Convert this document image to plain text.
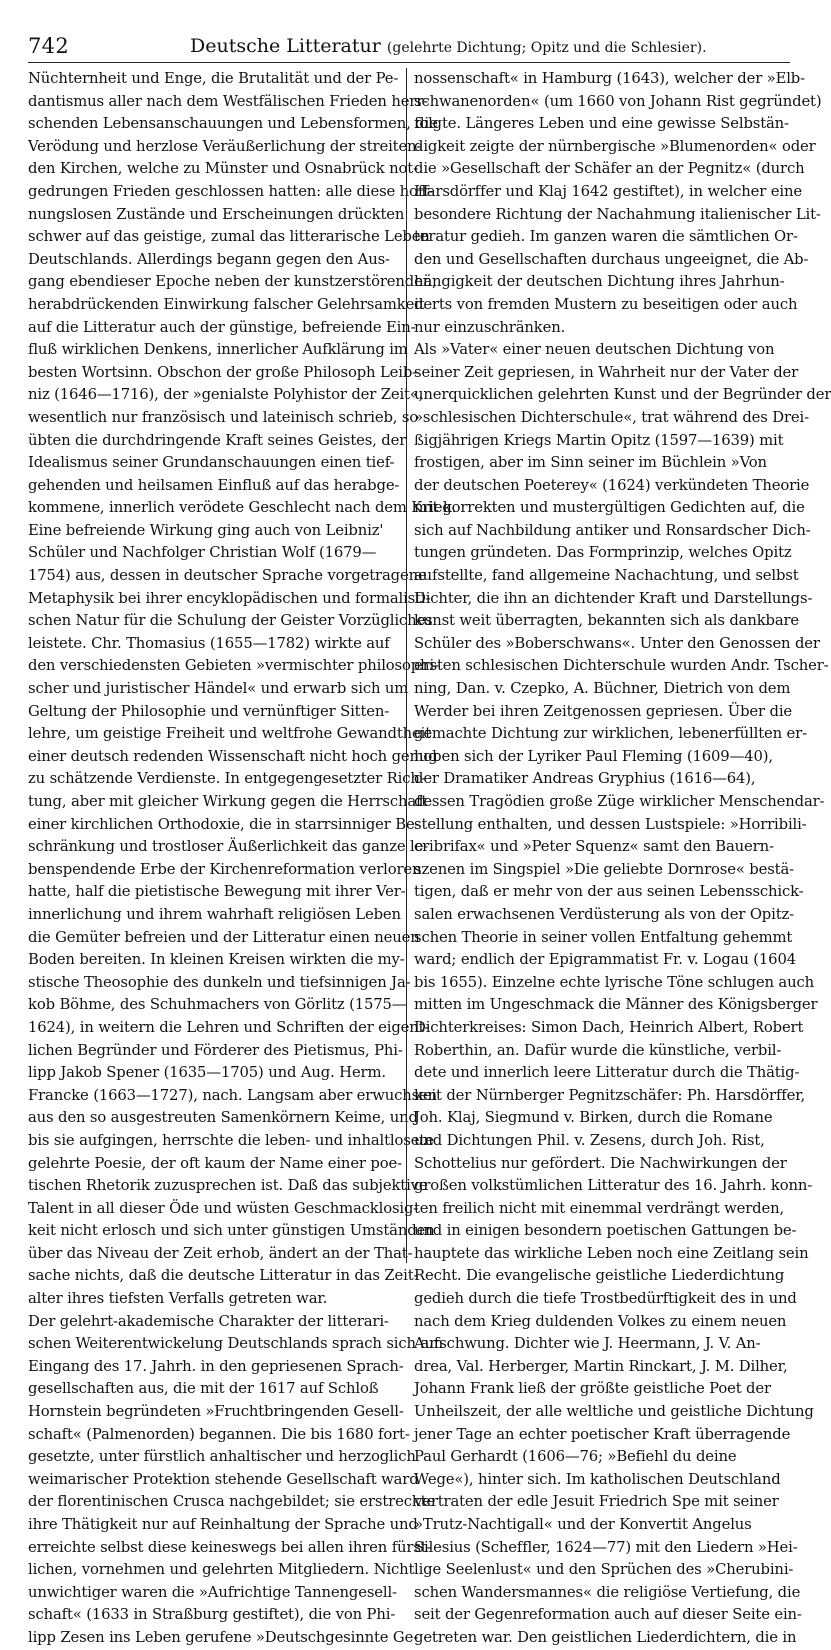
742	Deutsche Litteratur (gelehrte Dichtung; Opitz und die Schlesier).
Nüchternheit und Enge, die Brutalität und der Pe-
dantismus aller nach dem Westfälischen Frieden herr-
schenden Lebensanschauungen und Lebensformen, die
Verödung und herzlose Veräußerlichung der streiten-
den Kirchen, welche zu Münster und Osnabrück not-
gedrungen Frieden geschlossen hatten: alle diese hoff-
nungslosen Zustände und Erscheinungen drückten
schwer auf das geistige, zumal das litterarische Leben
Deutschlands. Allerdings begann gegen den Aus-
gang ebendieser Epoche neben der kunstzerstörenden,
herabdrückenden Einwirkung falscher Gelehrsamkeit
auf die Litteratur auch der günstige, befreiende Ein-
fluß wirklichen Denkens, innerlicher Aufklärung im
besten Wortsinn. Obschon der große Philosoph Leib-
niz (1646—1716), der »genialste Polyhistor der Zeit«,
wesentlich nur französisch und lateinisch schrieb, so
übten die durchdringende Kraft seines Geistes, der
Idealismus seiner Grundanschauungen einen tief-
gehenden und heilsamen Einfluß auf das herabge-
kommene, innerlich verödete Geschlecht nach dem Krieg.
Eine befreiende Wirkung ging auch von Leibniz'
Schüler und Nachfolger Christian Wolf (1679—
1754) aus, dessen in deutscher Sprache vorgetragene
Metaphysik bei ihrer encyklopädischen und formalisti-
schen Natur für die Schulung der Geister Vorzügliches
leistete. Chr. Thomasius (1655—1782) wirkte auf
den verschiedensten Gebieten »vermischter philosophi-
scher und juristischer Händel« und erwarb sich um
Geltung der Philosophie und vernünftiger Sitten-
lehre, um geistige Freiheit und weltfrohe Gewandtheit
einer deutsch redenden Wissenschaft nicht hoch genug
zu schätzende Verdienste. In entgegengesetzter Rich-
tung, aber mit gleicher Wirkung gegen die Herrschaft
einer kirchlichen Orthodoxie, die in starrsinniger Be-
schränkung und trostloser Äußerlichkeit das ganze le-
benspendende Erbe der Kirchenreformation verloren
hatte, half die pietistische Bewegung mit ihrer Ver-
innerlichung und ihrem wahrhaft religiösen Leben
die Gemüter befreien und der Litteratur einen neuen
Boden bereiten. In kleinen Kreisen wirkten die my-
stische Theosophie des dunkeln und tiefsinnigen Ja-
kob Böhme, des Schuhmachers von Görlitz (1575—
1624), in weitern die Lehren und Schriften der eigent-
lichen Begründer und Förderer des Pietismus, Phi-
lipp Jakob Spener (1635—1705) und Aug. Herm.
Francke (1663—1727), nach. Langsam aber erwuchsen
aus den so ausgestreuten Samenkörnern Keime, und
bis sie aufgingen, herrschte die leben- und inhaltlosete
gelehrte Poesie, der oft kaum der Name einer poe-
tischen Rhetorik zuzusprechen ist. Daß das subjektive
Talent in all dieser Öde und wüsten Geschmacklosig-
keit nicht erlosch und sich unter günstigen Umständen
über das Niveau der Zeit erhob, ändert an der That-
sache nichts, daß die deutsche Litteratur in das Zeit-
alter ihres tiefsten Verfalls getreten war.
Der gelehrt-akademische Charakter der litterari-
schen Weiterentwickelung Deutschlands sprach sich am
Eingang des 17. Jahrh. in den gepriesenen Sprach-
gesellschaften aus, die mit der 1617 auf Schloß
Hornstein begründeten »Fruchtbringenden Gesell-
schaft« (Palmenorden) begannen. Die bis 1680 fort-
gesetzte, unter fürstlich anhaltischer und herzoglich
weimarischer Protektion stehende Gesellschaft ward
der florentinischen Crusca nachgebildet; sie erstreckte
ihre Thätigkeit nur auf Reinhaltung der Sprache und
erreichte selbst diese keineswegs bei allen ihren fürst-
lichen, vornehmen und gelehrten Mitgliedern. Nicht
unwichtiger waren die »Aufrichtige Tannengesell-
schaft« (1633 in Straßburg gestiftet), die von Phi-
lipp Zesen ins Leben gerufene »Deutschgesinnte Ge-
nossenschaft« in Hamburg (1643), welcher der »Elb-
schwanenorden« (um 1660 von Johann Rist gegründet)
folgte. Längeres Leben und eine gewisse Selbstän-
digkeit zeigte der nürnbergische »Blumenorden« oder
die »Gesellschaft der Schäfer an der Pegnitz« (durch
Harsdörffer und Klaj 1642 gestiftet), in welcher eine
besondere Richtung der Nachahmung italienischer Lit-
teratur gedieh. Im ganzen waren die sämtlichen Or-
den und Gesellschaften durchaus ungeeignet, die Ab-
hängigkeit der deutschen Dichtung ihres Jahrhun-
derts von fremden Mustern zu beseitigen oder auch
nur einzuschränken.
Als »Vater« einer neuen deutschen Dichtung von
seiner Zeit gepriesen, in Wahrheit nur der Vater der
unerquicklichen gelehrten Kunst und der Begründer der
»schlesischen Dichterschule«, trat während des Drei-
ßigjährigen Kriegs Martin Opitz (1597—1639) mit
frostigen, aber im Sinn seiner im Büchlein »Von
der deutschen Poeterey« (1624) verkündeten Theorie
mit korrekten und mustergültigen Gedichten auf, die
sich auf Nachbildung antiker und Ronsardscher Dich-
tungen gründeten. Das Formprinzip, welches Opitz
aufstellte, fand allgemeine Nachachtung, und selbst
Dichter, die ihn an dichtender Kraft und Darstellungs-
kunst weit überragten, bekannten sich als dankbare
Schüler des »Boberschwans«. Unter den Genossen der
ersten schlesischen Dichterschule wurden Andr. Tscher-
ning, Dan. v. Czepko, A. Büchner, Dietrich von dem
Werder bei ihren Zeitgenossen gepriesen. Über die
gemachte Dichtung zur wirklichen, lebenerfüllten er-
hoben sich der Lyriker Paul Fleming (1609—40),
der Dramatiker Andreas Gryphius (1616—64),
dessen Tragödien große Züge wirklicher Menschendar-
stellung enthalten, und dessen Lustspiele: »Horribili-
cribrifax« und »Peter Squenz« samt den Bauern-
szenen im Singspiel »Die geliebte Dornrose« bestä-
tigen, daß er mehr von der aus seinen Lebensschick-
salen erwachsenen Verdüsterung als von der Opitz-
schen Theorie in seiner vollen Entfaltung gehemmt
ward; endlich der Epigrammatist Fr. v. Logau (1604
bis 1655). Einzelne echte lyrische Töne schlugen auch
mitten im Ungeschmack die Männer des Königsberger
Dichterkreises: Simon Dach, Heinrich Albert, Robert
Roberthin, an. Dafür wurde die künstliche, verbil-
dete und innerlich leere Litteratur durch die Thätig-
keit der Nürnberger Pegnitzschäfer: Ph. Harsdörffer,
Joh. Klaj, Siegmund v. Birken, durch die Romane
und Dichtungen Phil. v. Zesens, durch Joh. Rist,
Schottelius nur gefördert. Die Nachwirkungen der
großen volkstümlichen Litteratur des 16. Jahrh. konn-
ten freilich nicht mit einemmal verdrängt werden,
und in einigen besondern poetischen Gattungen be-
hauptete das wirkliche Leben noch eine Zeitlang sein
Recht. Die evangelische geistliche Liederdichtung
gedieh durch die tiefe Trostbedürftigkeit des in und
nach dem Krieg duldenden Volkes zu einem neuen
Aufschwung. Dichter wie J. Heermann, J. V. An-
drea, Val. Herberger, Martin Rinckart, J. M. Dilher,
Johann Frank ließ der größte geistliche Poet der
Unheilszeit, der alle weltliche und geistliche Dichtung
jener Tage an echter poetischer Kraft überragende
Paul Gerhardt (1606—76; »Befiehl du deine
Wege«), hinter sich. Im katholischen Deutschland
vertraten der edle Jesuit Friedrich Spe mit seiner
»Trutz-Nachtigall« und der Konvertit Angelus
Silesius (Scheffler, 1624—77) mit den Liedern »Hei-
lige Seelenlust« und den Sprüchen des »Cherubini-
schen Wandersmannes« die religiöse Vertiefung, die
seit der Gegenreformation auch auf dieser Seite ein-
getreten war. Den geistlichen Liederdichtern, die in
